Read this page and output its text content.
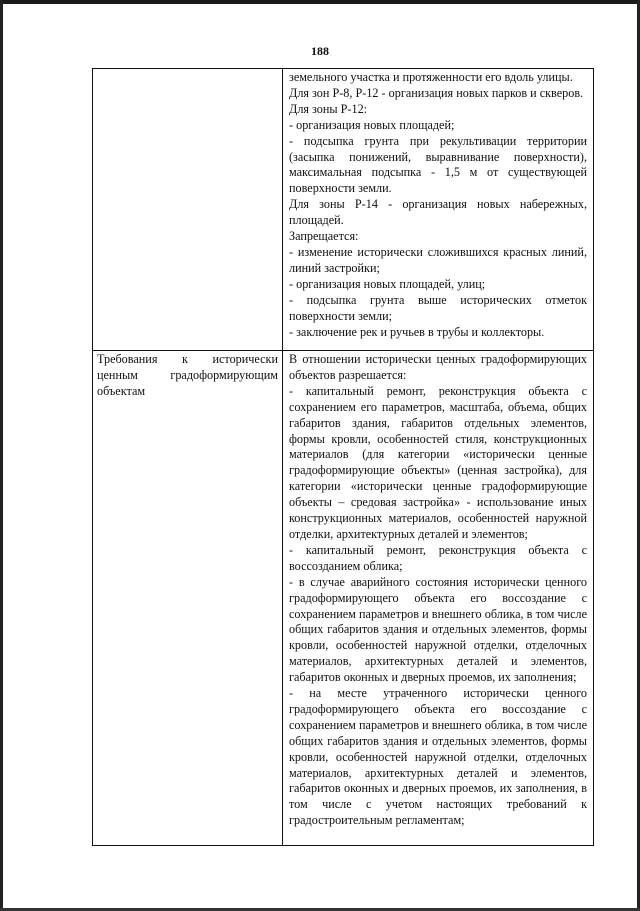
188

земельного участка и протяженности его вдоль улицы.

Для зон Р-8, Р-12 - организация новых парков и скверов.

Для зоны Р-12:

- организация новых площадей;

- подсыпка грунта при рекультивации территории (засыпка понижений, выравнивание поверхности), максимальная подсыпка - 1,5 м от существующей поверхности земли.

Для зоны Р-14 - организация новых набережных, площадей.

Запрещается:

- изменение исторически сложившихся красных линий, линий застройки;

- организация новых площадей, улиц;

- подсыпка грунта выше исторических отметок поверхности земли;

- заключение рек и ручьев в трубы и коллекторы.

Требования к исторически ценным градоформирующим объектам

В отношении исторически ценных градоформирующих объектов разрешается:

- капитальный ремонт, реконструкция объекта с сохранением его параметров, масштаба, объема, общих габаритов здания, габаритов отдельных элементов, формы кровли, особенностей стиля, конструкционных материалов (для категории «исторически ценные градоформирующие объекты» (ценная застройка), для категории «исторически ценные градоформирующие объекты – средовая застройка» - использование иных конструкционных материалов, особенностей наружной отделки, архитектурных деталей и элементов;

- капитальный ремонт, реконструкция объекта с воссозданием облика;

- в случае аварийного состояния исторически ценного градоформирующего объекта его воссоздание с сохранением параметров и внешнего облика, в том числе общих габаритов здания и отдельных элементов, формы кровли, особенностей наружной отделки, отделочных материалов, архитектурных деталей и элементов, габаритов оконных и дверных проемов, их заполнения;

- на месте утраченного исторически ценного градоформирующего объекта его воссоздание с сохранением параметров и внешнего облика, в том числе общих габаритов здания и отдельных элементов, формы кровли, особенностей наружной отделки, отделочных материалов, архитектурных деталей и элементов, габаритов оконных и дверных проемов, их заполнения, в том числе с учетом настоящих требований к градостроительным регламентам;
